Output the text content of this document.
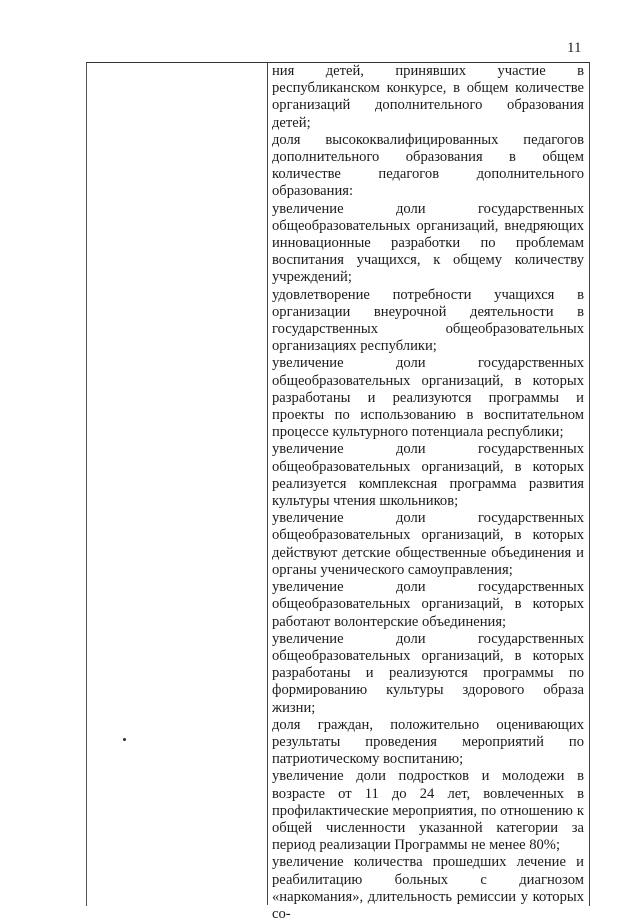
11

ния детей, принявших участие в республиканском конкурсе, в общем количестве организаций дополнительного образования детей;

доля высококвалифицированных педагогов дополнительного образования в общем количестве педагогов дополнительного образования:

увеличение доли государственных общеобразовательных организаций, внедряющих инновационные разработки по проблемам воспитания учащихся, к общему количеству учреждений;

удовлетворение потребности учащихся в организации внеурочной деятельности в государственных общеобразовательных организациях республики;

увеличение доли государственных общеобразовательных организаций, в которых разработаны и реализуются программы и проекты по использованию в воспитательном процессе культурного потенциала республики;

увеличение доли государственных общеобразовательных организаций, в которых реализуется комплексная программа развития культуры чтения школьников;

увеличение доли государственных общеобразовательных организаций, в которых действуют детские общественные объединения и органы ученического самоуправления;

увеличение доли государственных общеобразовательных организаций, в которых работают волонтерские объединения;

увеличение доли государственных общеобразовательных организаций, в которых разработаны и реализуются программы по формированию культуры здорового образа жизни;

доля граждан, положительно оценивающих результаты проведения мероприятий по патриотическому воспитанию;

увеличение доли подростков и молодежи в возрасте от 11 до 24 лет, вовлеченных в профилактические мероприятия, по отношению к общей численности указанной категории за период реализации Программы не менее 80%;

увеличение количества прошедших лечение и реабилитацию больных с диагнозом «наркомания», длительность ремиссии у которых со-
